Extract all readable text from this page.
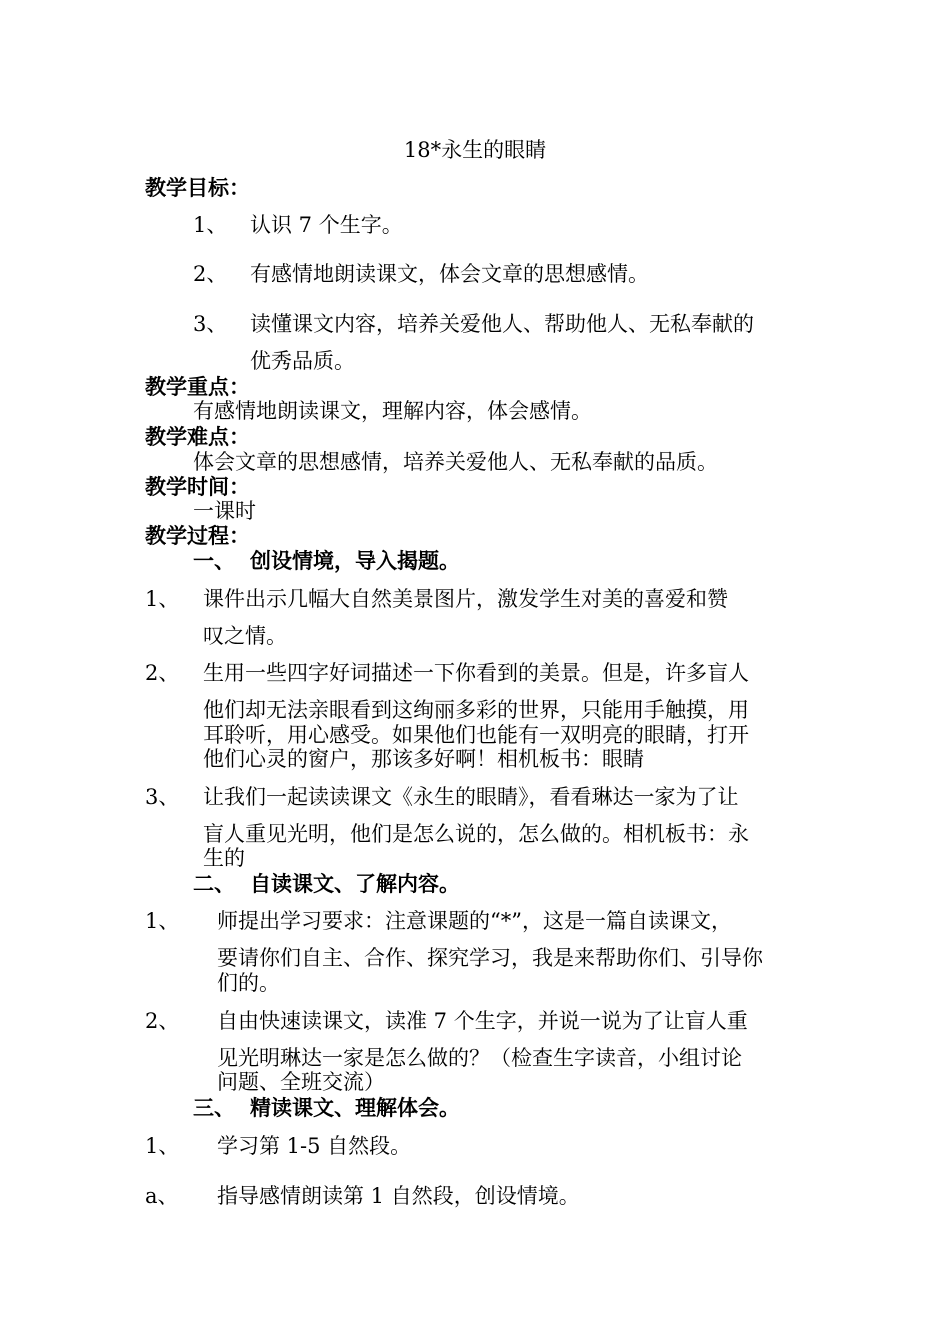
18*永生的眼睛
教学目标：
1、 认识 7 个生字。
2、 有感情地朗读课文，体会文章的思想感情。
3、 读懂课文内容，培养关爱他人、帮助他人、无私奉献的
优秀品质。
教学重点：
有感情地朗读课文，理解内容，体会感情。
教学难点：
体会文章的思想感情，培养关爱他人、无私奉献的品质。
教学时间：
一课时
教学过程：
一、 创设情境，导入揭题。
1、 课件出示几幅大自然美景图片，激发学生对美的喜爱和赞
叹之情。
2、 生用一些四字好词描述一下你看到的美景。但是，许多盲人
他们却无法亲眼看到这绚丽多彩的世界，只能用手触摸，用
耳聆听，用心感受。如果他们也能有一双明亮的眼睛，打开
他们心灵的窗户，那该多好啊！相机板书：眼睛
3、 让我们一起读读课文《永生的眼睛》，看看琳达一家为了让
盲人重见光明，他们是怎么说的，怎么做的。相机板书：永
生的
二、 自读课文、了解内容。
1、 师提出学习要求：注意课题的“*”，这是一篇自读课文，
要请你们自主、合作、探究学习，我是来帮助你们、引导你
们的。
2、 自由快速读课文，读准 7 个生字，并说一说为了让盲人重
见光明琳达一家是怎么做的？（检查生字读音，小组讨论
问题、全班交流）
三、 精读课文、理解体会。
1、 学习第 1-5 自然段。
a、 指导感情朗读第 1 自然段，创设情境。
